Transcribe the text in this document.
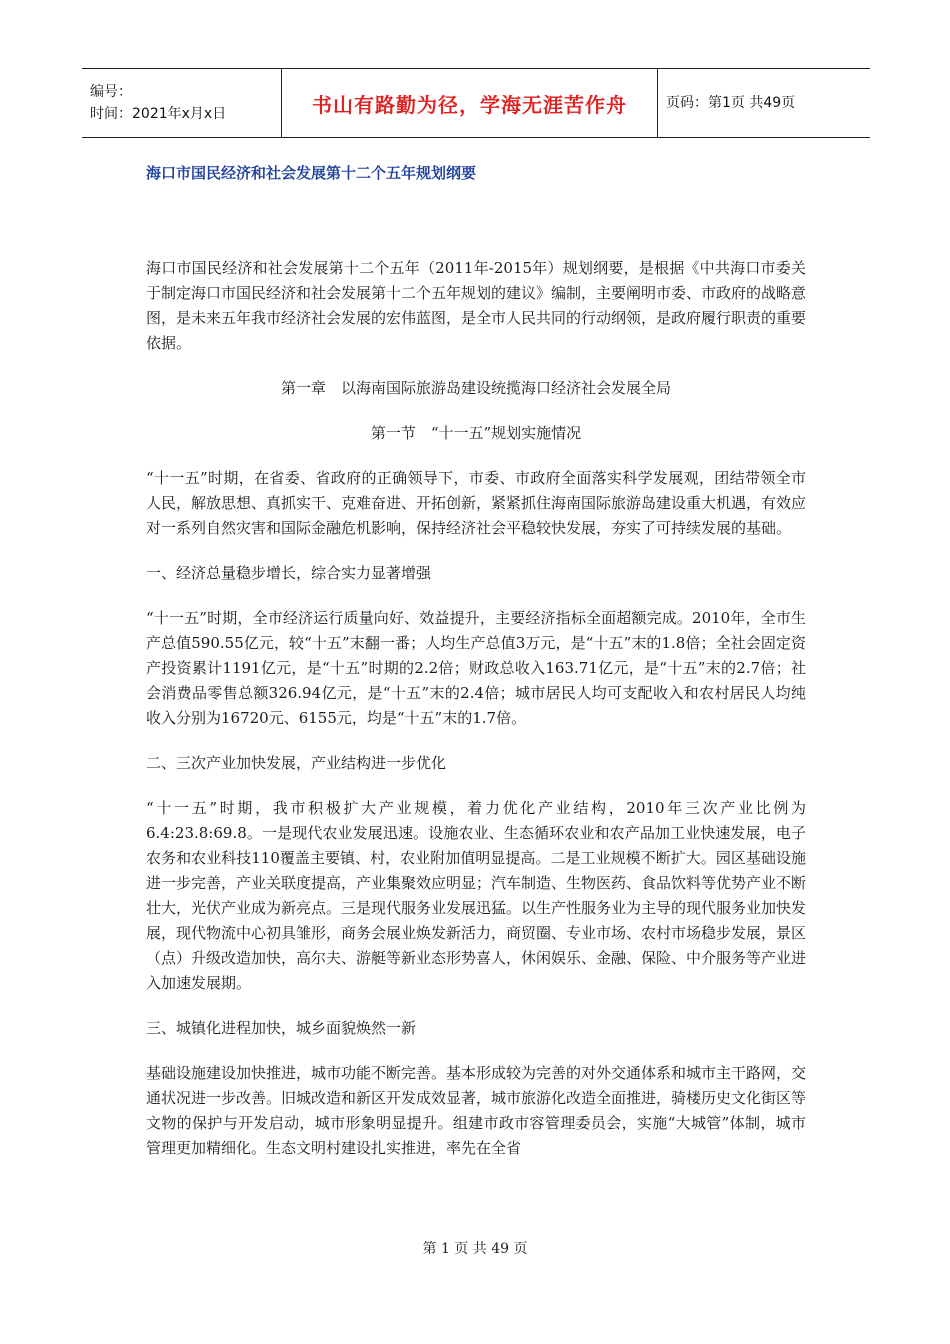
编号：
时间：2021年x月x日	书山有路勤为径，学海无涯苦作舟	页码：第1页 共49页
海口市国民经济和社会发展第十二个五年规划纲要

海口市国民经济和社会发展第十二个五年（2011年-2015年）规划纲要，是根据《中共海口市委关于制定海口市国民经济和社会发展第十二个五年规划的建议》编制，主要阐明市委、市政府的战略意图，是未来五年我市经济社会发展的宏伟蓝图，是全市人民共同的行动纲领，是政府履行职责的重要依据。

第一章　以海南国际旅游岛建设统揽海口经济社会发展全局

第一节　“十一五”规划实施情况

“十一五”时期，在省委、省政府的正确领导下，市委、市政府全面落实科学发展观，团结带领全市人民，解放思想、真抓实干、克难奋进、开拓创新，紧紧抓住海南国际旅游岛建设重大机遇，有效应对一系列自然灾害和国际金融危机影响，保持经济社会平稳较快发展，夯实了可持续发展的基础。

一、经济总量稳步增长，综合实力显著增强

“十一五”时期，全市经济运行质量向好、效益提升，主要经济指标全面超额完成。2010年，全市生产总值590.55亿元，较“十五”末翻一番；人均生产总值3万元，是“十五”末的1.8倍；全社会固定资产投资累计1191亿元，是“十五”时期的2.2倍；财政总收入163.71亿元，是“十五”末的2.7倍；社会消费品零售总额326.94亿元，是“十五”末的2.4倍；城市居民人均可支配收入和农村居民人均纯收入分别为16720元、6155元，均是“十五”末的1.7倍。

二、三次产业加快发展，产业结构进一步优化

“十一五”时期，我市积极扩大产业规模，着力优化产业结构，2010年三次产业比例为6.4:23.8:69.8。一是现代农业发展迅速。设施农业、生态循环农业和农产品加工业快速发展，电子农务和农业科技110覆盖主要镇、村，农业附加值明显提高。二是工业规模不断扩大。园区基础设施进一步完善，产业关联度提高，产业集聚效应明显；汽车制造、生物医药、食品饮料等优势产业不断壮大，光伏产业成为新亮点。三是现代服务业发展迅猛。以生产性服务业为主导的现代服务业加快发展，现代物流中心初具雏形，商务会展业焕发新活力，商贸圈、专业市场、农村市场稳步发展，景区（点）升级改造加快，高尔夫、游艇等新业态形势喜人，休闲娱乐、金融、保险、中介服务等产业进入加速发展期。

三、城镇化进程加快，城乡面貌焕然一新

基础设施建设加快推进，城市功能不断完善。基本形成较为完善的对外交通体系和城市主干路网，交通状况进一步改善。旧城改造和新区开发成效显著，城市旅游化改造全面推进，骑楼历史文化街区等文物的保护与开发启动，城市形象明显提升。组建市政市容管理委员会，实施“大城管”体制，城市管理更加精细化。生态文明村建设扎实推进，率先在全省

第 1 页 共 49 页
